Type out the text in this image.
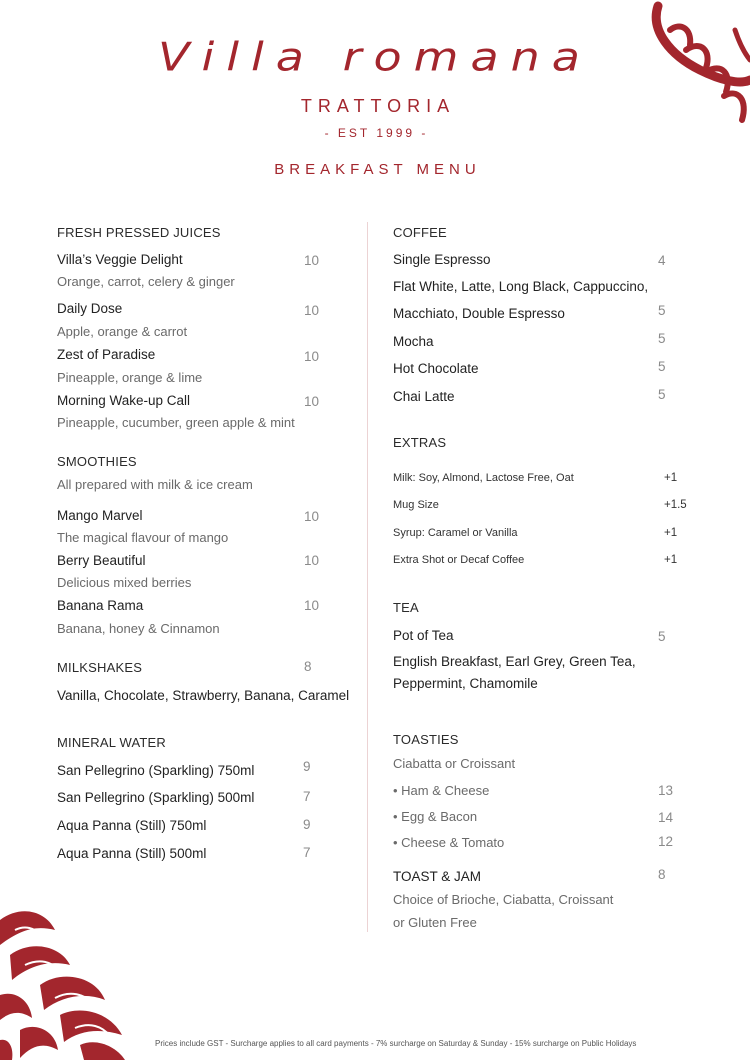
Villa romana
TRATTORIA
- EST 1999 -
BREAKFAST MENU
FRESH PRESSED JUICES
Villa’s Veggie Delight	10
Orange, carrot, celery & ginger
Daily Dose	10
Apple, orange & carrot
Zest of Paradise	10
Pineapple, orange & lime
Morning Wake-up Call	10
Pineapple, cucumber, green apple & mint
SMOOTHIES
All prepared with milk & ice cream
Mango Marvel	10
The magical flavour of mango
Berry Beautiful	10
Delicious mixed berries
Banana Rama	10
Banana, honey & Cinnamon
MILKSHAKES	8
Vanilla, Chocolate, Strawberry, Banana, Caramel
MINERAL WATER
San Pellegrino (Sparkling) 750ml	9
San Pellegrino (Sparkling) 500ml	7
Aqua Panna (Still) 750ml	9
Aqua Panna (Still) 500ml	7
COFFEE
Single Espresso	4
Flat White, Latte, Long Black, Cappuccino,
Macchiato, Double Espresso	5
Mocha	5
Hot Chocolate	5
Chai Latte	5
EXTRAS
Milk: Soy, Almond, Lactose Free, Oat	+1
Mug Size	+1.5
Syrup: Caramel or Vanilla	+1
Extra Shot or Decaf Coffee	+1
TEA
Pot of Tea	5
English Breakfast, Earl Grey, Green Tea,
Peppermint, Chamomile
TOASTIES
Ciabatta or Croissant
• Ham & Cheese	13
• Egg & Bacon	14
• Cheese & Tomato	12
TOAST & JAM	8
Choice of Brioche, Ciabatta, Croissant
or Gluten Free
Prices include GST - Surcharge applies to all card payments - 7% surcharge on Saturday & Sunday - 15% surcharge on Public Holidays
